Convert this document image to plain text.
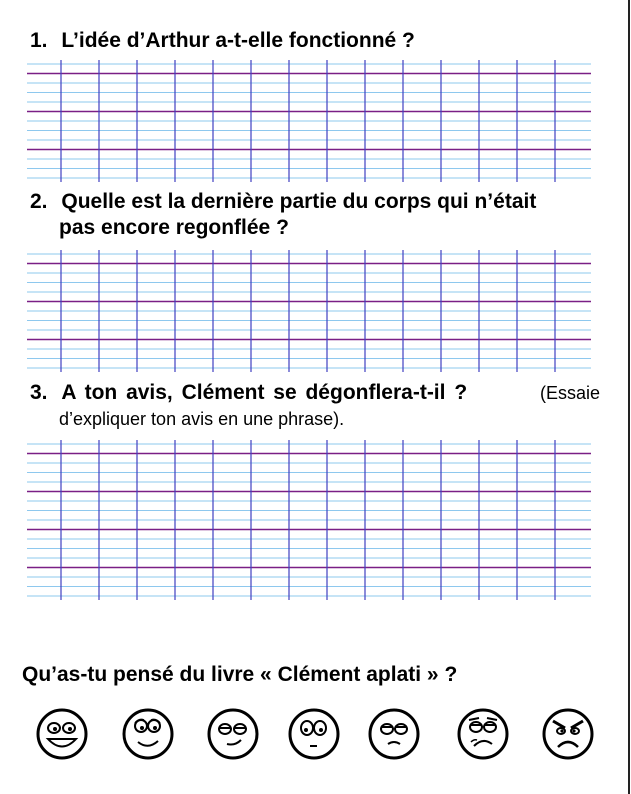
1. L’idée d’Arthur a-t-elle fonctionné ?
2. Quelle est la dernière partie du corps qui n’était
pas encore regonflée ?
3. A ton avis, Clément se dégonflera-t-il ?	(Essaie
d’expliquer ton avis en une phrase).
Qu’as-tu pensé du livre « Clément aplati » ?
